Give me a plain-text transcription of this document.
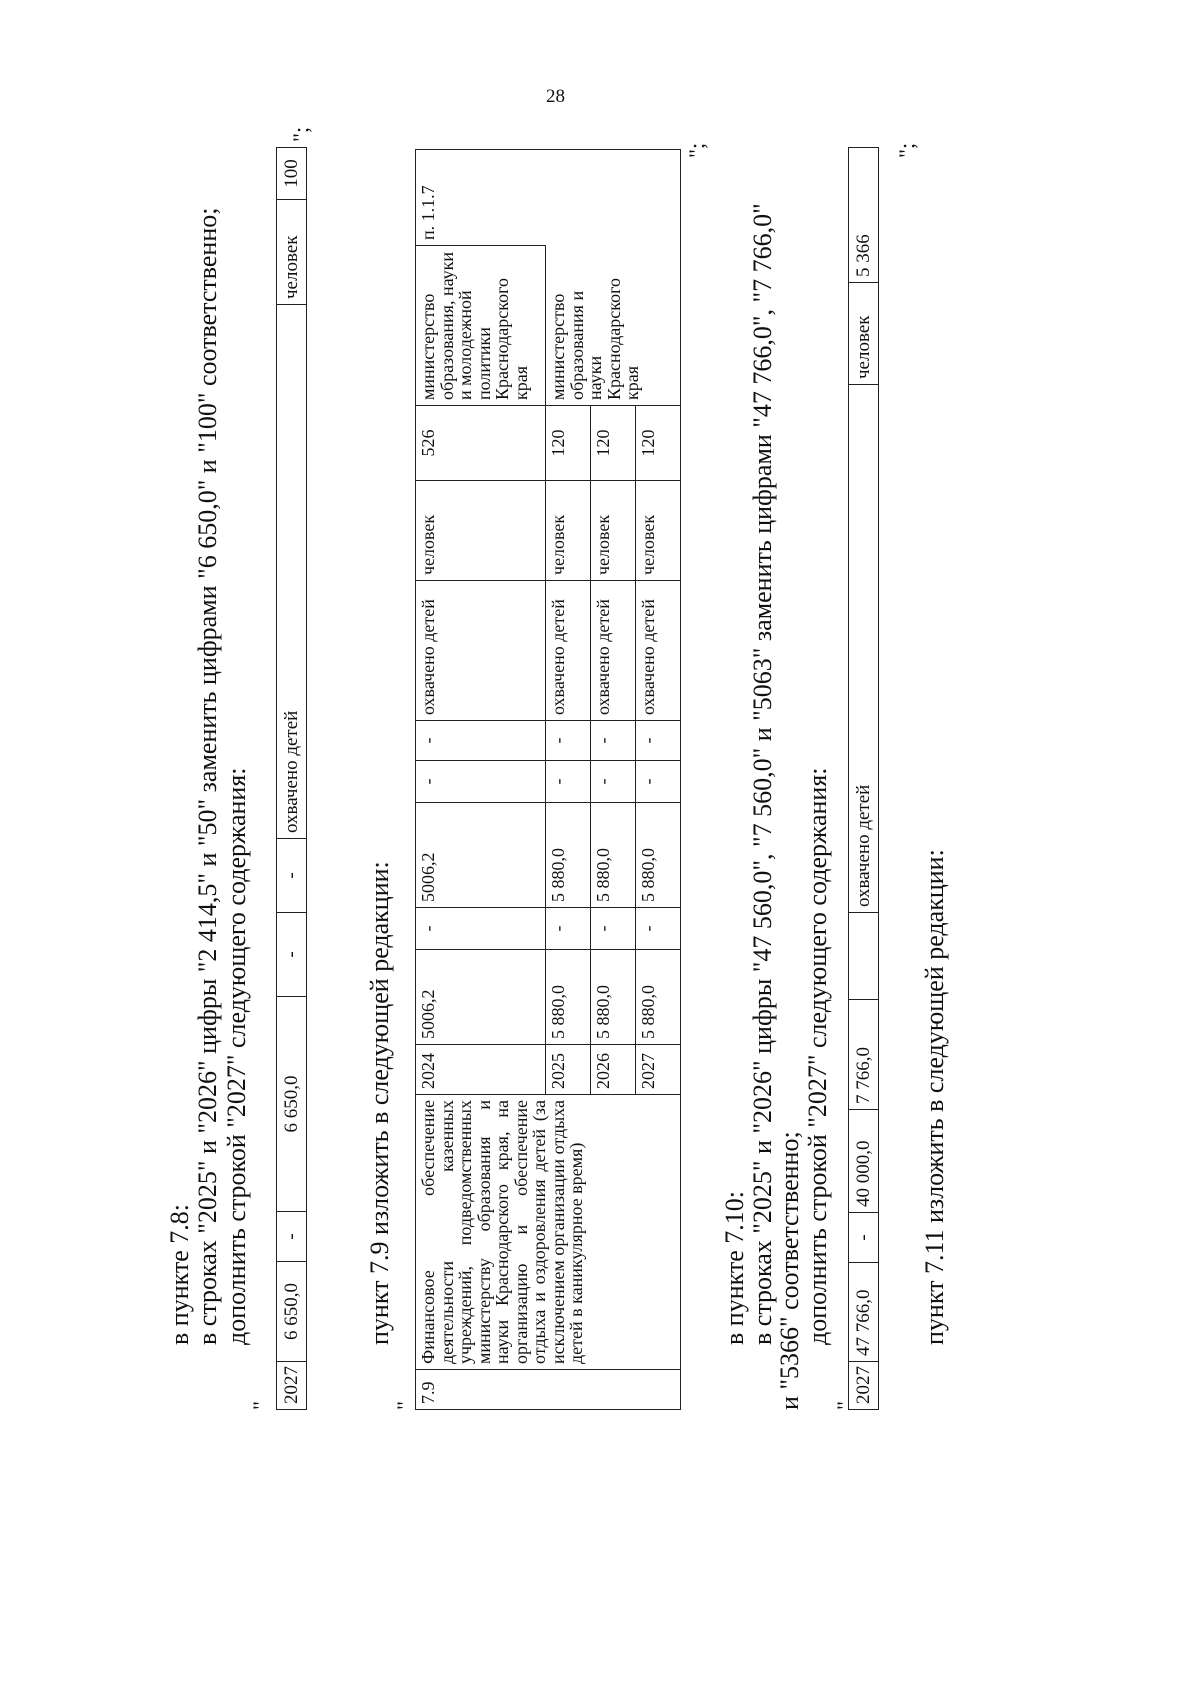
28
в пункте 7.8: в строках "2025" и "2026" цифры "2 414,5" и "50" заменить цифрами "6 650,0" и "100" соответственно; дополнить строкой "2027" следующего содержания:
"
2027	6 650,0	-	6 650,0	-	-	охвачено детей	человек	100
";
пункт 7.9 изложить в следующей редакции:
"
7.9	Финансовое обеспечение деятельности казенных учреждений, подведомственных министерству образования и науки Краснодарского края, на организацию и обеспечение отдыха и оздоровления детей (за исключением организации отдыха детей в каникулярное время)	2024	5006,2	-	5006,2	-	-	охвачено детей	человек	526	министерство образования, науки и молодежной политики Краснодарского края	п. 1.1.7
		2025	5 880,0	-	5 880,0	-	-	охвачено детей	человек	120	министерство образования и науки Краснодарского края	
		2026	5 880,0	-	5 880,0	-	-	охвачено детей	человек	120		
		2027	5 880,0	-	5 880,0	-	-	охвачено детей	человек	120		
";
в пункте 7.10: в строках "2025" и "2026" цифры "47 560,0", "7 560,0" и "5063" заменить цифрами "47 766,0", "7 766,0"
и "5366" соответственно; дополнить строкой "2027" следующего содержания:
"
2027	47 766,0	-	40 000,0	7 766,0		охвачено детей	человек	5 366
";
пункт 7.11 изложить в следующей редакции:
